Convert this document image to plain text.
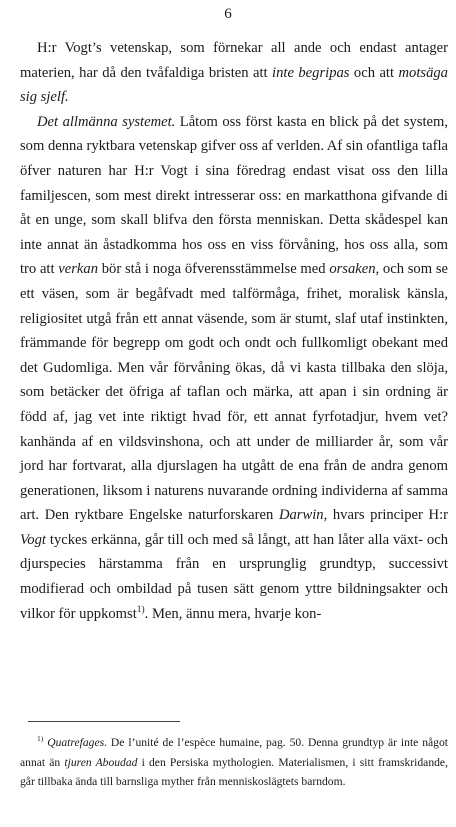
6

H:r Vogt’s vetenskap, som förnekar all ande och endast antager materien, har då den tvåfaldiga bristen att inte begripas och att motsäga sig sjelf.

Det allmänna systemet. Låtom oss först kasta en blick på det system, som denna ryktbara vetenskap gifver oss af verlden. Af sin ofantliga tafla öfver naturen har H:r Vogt i sina föredrag endast visat oss den lilla familjescen, som mest direkt intresserar oss: en markatthona gifvande di åt en unge, som skall blifva den första menniskan. Detta skådespel kan inte annat än åstadkomma hos oss en viss förvåning, hos oss alla, som tro att verkan bör stå i noga öfverensstämmelse med orsaken, och som se ett väsen, som är begåfvadt med talförmåga, frihet, moralisk känsla, religiositet utgå från ett annat väsende, som är stumt, slaf utaf instinkten, främmande för begrepp om godt och ondt och fullkomligt obekant med det Gudomliga. Men vår förvåning ökas, då vi kasta tillbaka den slöja, som betäcker det öfriga af taflan och märka, att apan i sin ordning är född af, jag vet inte riktigt hvad för, ett annat fyrfotadjur, hvem vet? kanhända af en vildsvinshona, och att under de milliarder år, som vår jord har fortvarat, alla djurslagen ha utgått de ena från de andra genom generationen, liksom i naturens nuvarande ordning individerna af samma art. Den ryktbare Engelske naturforskaren Darwin, hvars principer H:r Vogt tyckes erkänna, går till och med så långt, att han låter alla växt- och djurspecies härstamma från en ursprunglig grundtyp, successivt modifierad och ombildad på tusen sätt genom yttre bildningsakter och vilkor för uppkomst$^{1)}$. Men, ännu mera, hvarje kon-

$^{1)}$ Quatrefages. De l’unité de l’espèce humaine, pag. 50. Denna grundtyp är inte något annat än tjuren Aboudad i den Persiska mythologien. Materialismen, i sitt framskridande, går tillbaka ända till barnsliga myther från menniskoslägtets barndom.
